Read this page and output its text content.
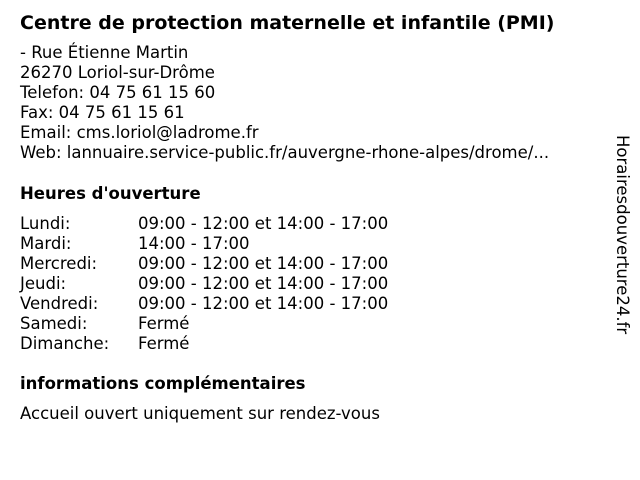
Centre de protection maternelle et infantile (PMI)
- Rue Étienne Martin
26270 Loriol-sur-Drôme
Telefon: 04 75 61 15 60
Fax: 04 75 61 15 61
Email: cms.loriol@ladrome.fr
Web: lannuaire.service-public.fr/auvergne-rhone-alpes/drome/...
Heures d'ouverture
Lundi:	09:00 - 12:00 et 14:00 - 17:00
Mardi:	14:00 - 17:00
Mercredi: 09:00 - 12:00 et 14:00 - 17:00
Jeudi:	09:00 - 12:00 et 14:00 - 17:00
Vendredi: 09:00 - 12:00 et 14:00 - 17:00
Samedi:	Fermé
Dimanche: Fermé
informations complémentaires
Accueil ouvert uniquement sur rendez-vous
Horairesdouverture24.fr
